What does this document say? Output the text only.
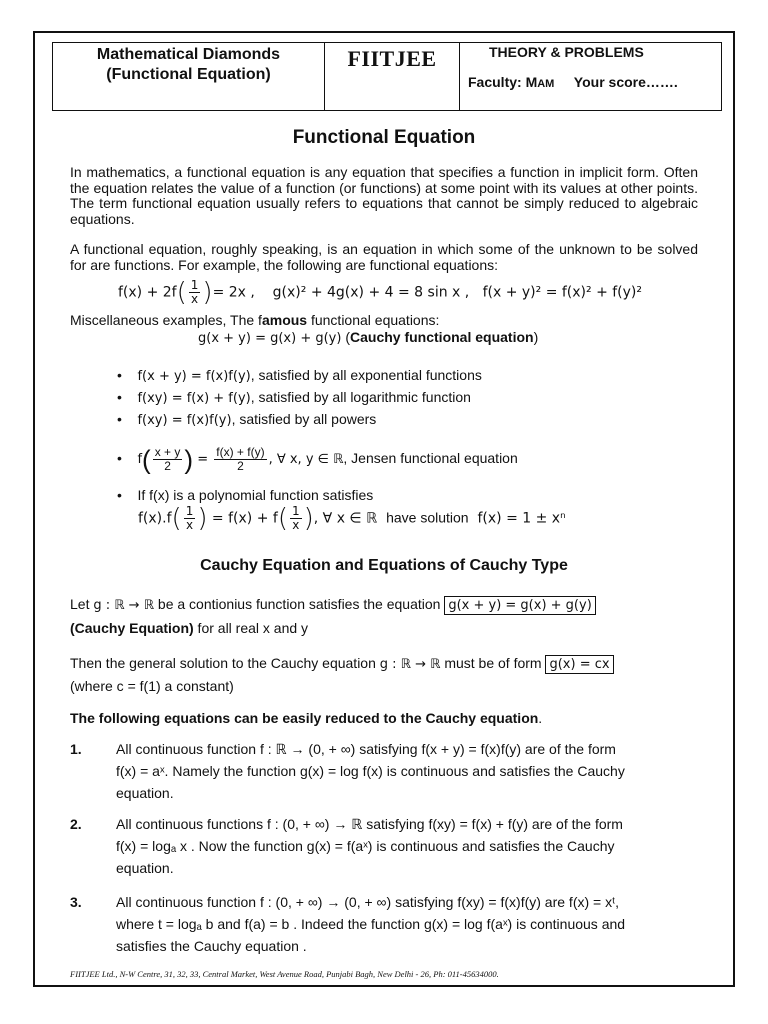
Mathematical Diamonds
(Functional Equation)
FIITJEE	THEORY & PROBLEMS
Faculty: MAM Your score…….
Functional Equation
In mathematics, a functional equation is any equation that specifies a function in implicit form. Often the equation relates the value of a function (or functions) at some point with its values at other points. The term functional equation usually refers to equations that cannot be simply reduced to algebraic equations.
A functional equation, roughly speaking, is an equation in which some of the unknown to be solved for are functions. For example, the following are functional equations:
$f(x) + 2f( \frac{1}{x}$ )= 2x , g(x)² + 4g(x) + 4 = 8 sin x , f(x + y)² = f(x)² + f(y)²
Miscellaneous examples, The famous functional equations:
g(x + y) = g(x) + g(y) (Cauchy functional equation)
•    f(x + y) = f(x)f(y), satisfied by all exponential functions
•    f(xy) = f(x) + f(y), satisfied by all logarithmic function
•    f(xy) = f(x)f(y), satisfied by all powers
•    $f( \frac{x + y}{2}$ ) = $\frac{f(x) + f(y)}{2}$ , ∀ x, y ∈ ℝ, Jensen functional equation
•    If f(x) is a polynomial function satisfies
$f(x).f( \frac{1}{x}$ ) = $f(x) + f( \frac{1}{x}$ ), ∀ x ∈ ℝ have solution f(x) = 1 ± xⁿ
Cauchy Equation and Equations of Cauchy Type
Let g : ℝ → ℝ be a contionius function satisfies the equation g(x + y) = g(x) + g(y)
(Cauchy Equation) for all real x and y
Then the general solution to the Cauchy equation g : ℝ → ℝ must be of form g(x) = cx
(where c = f(1) a constant)
The following equations can be easily reduced to the Cauchy equation.
1. All continuous function f : ℝ → (0, + ∞) satisfying f(x + y) = f(x)f(y) are of the form
f(x) = aˣ. Namely the function g(x) = log f(x) is continuous and satisfies the Cauchy
equation.
2. All continuous functions f : (0, + ∞) → ℝ satisfying f(xy) = f(x) + f(y) are of the form
f(x) = logₐ x . Now the function g(x) = f(aˣ) is continuous and satisfies the Cauchy
equation.
3. All continuous function f : (0, + ∞) → (0, + ∞) satisfying f(xy) = f(x)f(y) are f(x) = xᵗ,
where t = logₐ b and f(a) = b . Indeed the function g(x) = log f(aˣ) is continuous and
satisfies the Cauchy equation .
FIITJEE Ltd., N-W Centre, 31, 32, 33, Central Market, West Avenue Road, Punjabi Bagh, New Delhi - 26, Ph: 011-45634000.
